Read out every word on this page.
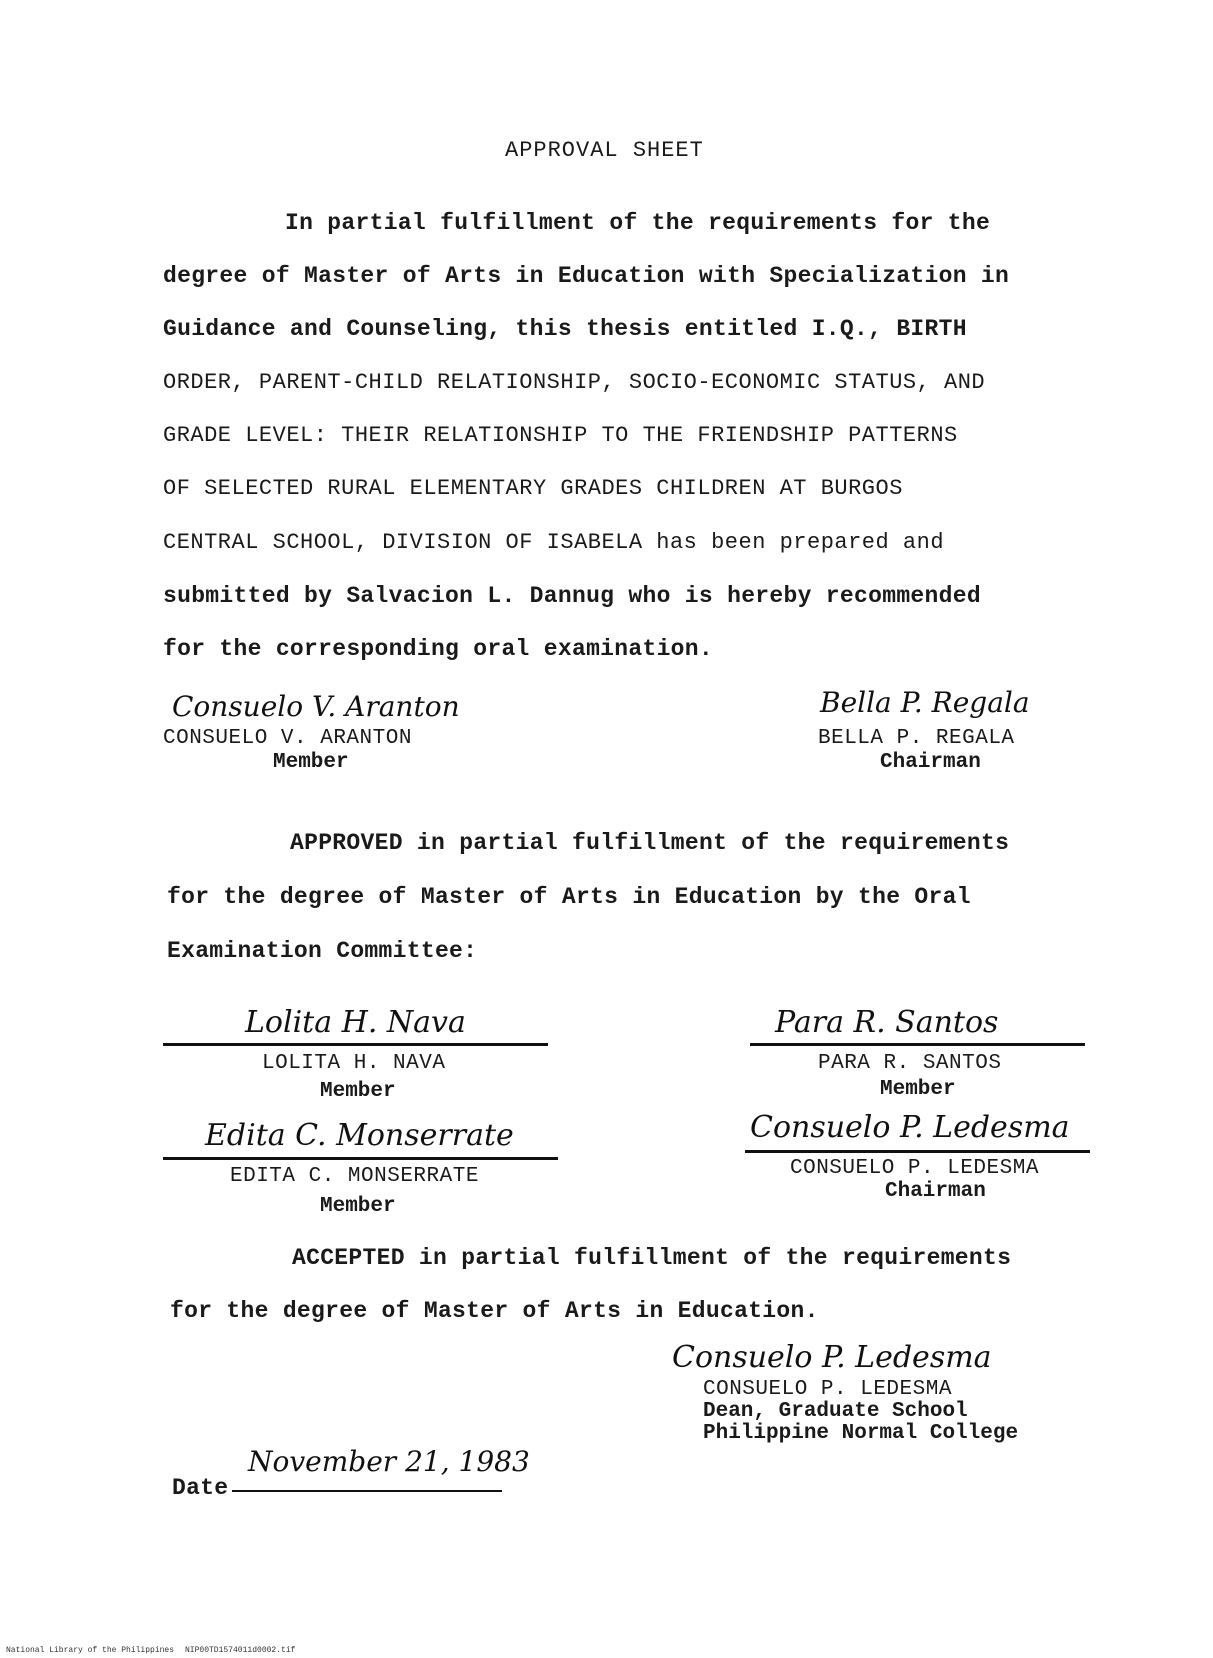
APPROVAL SHEET
In partial fulfillment of the requirements for the
degree of Master of Arts in Education with Specialization in
Guidance and Counseling, this thesis entitled I.Q., BIRTH
ORDER, PARENT-CHILD RELATIONSHIP, SOCIO-ECONOMIC STATUS, AND
GRADE LEVEL: THEIR RELATIONSHIP TO THE FRIENDSHIP PATTERNS
OF SELECTED RURAL ELEMENTARY GRADES CHILDREN AT BURGOS
CENTRAL SCHOOL, DIVISION OF ISABELA has been prepared and
submitted by Salvacion L. Dannug who is hereby recommended
for the corresponding oral examination.
Consuelo V. Aranton
CONSUELO V. ARANTON
Member
Bella P. Regala
BELLA P. REGALA
Chairman
APPROVED in partial fulfillment of the requirements
for the degree of Master of Arts in Education by the Oral
Examination Committee:
Lolita H. Nava
LOLITA H. NAVA
Member
Para R. Santos
PARA R. SANTOS
Member
Edita C. Monserrate
EDITA C. MONSERRATE
Member
Consuelo P. Ledesma
CONSUELO P. LEDESMA
Chairman
ACCEPTED in partial fulfillment of the requirements
for the degree of Master of Arts in Education.
Consuelo P. Ledesma
CONSUELO P. LEDESMA
Dean, Graduate School
Philippine Normal College
Date
November 21, 1983
National Library of the Philippines NIP00TD1574011d0002.tif
